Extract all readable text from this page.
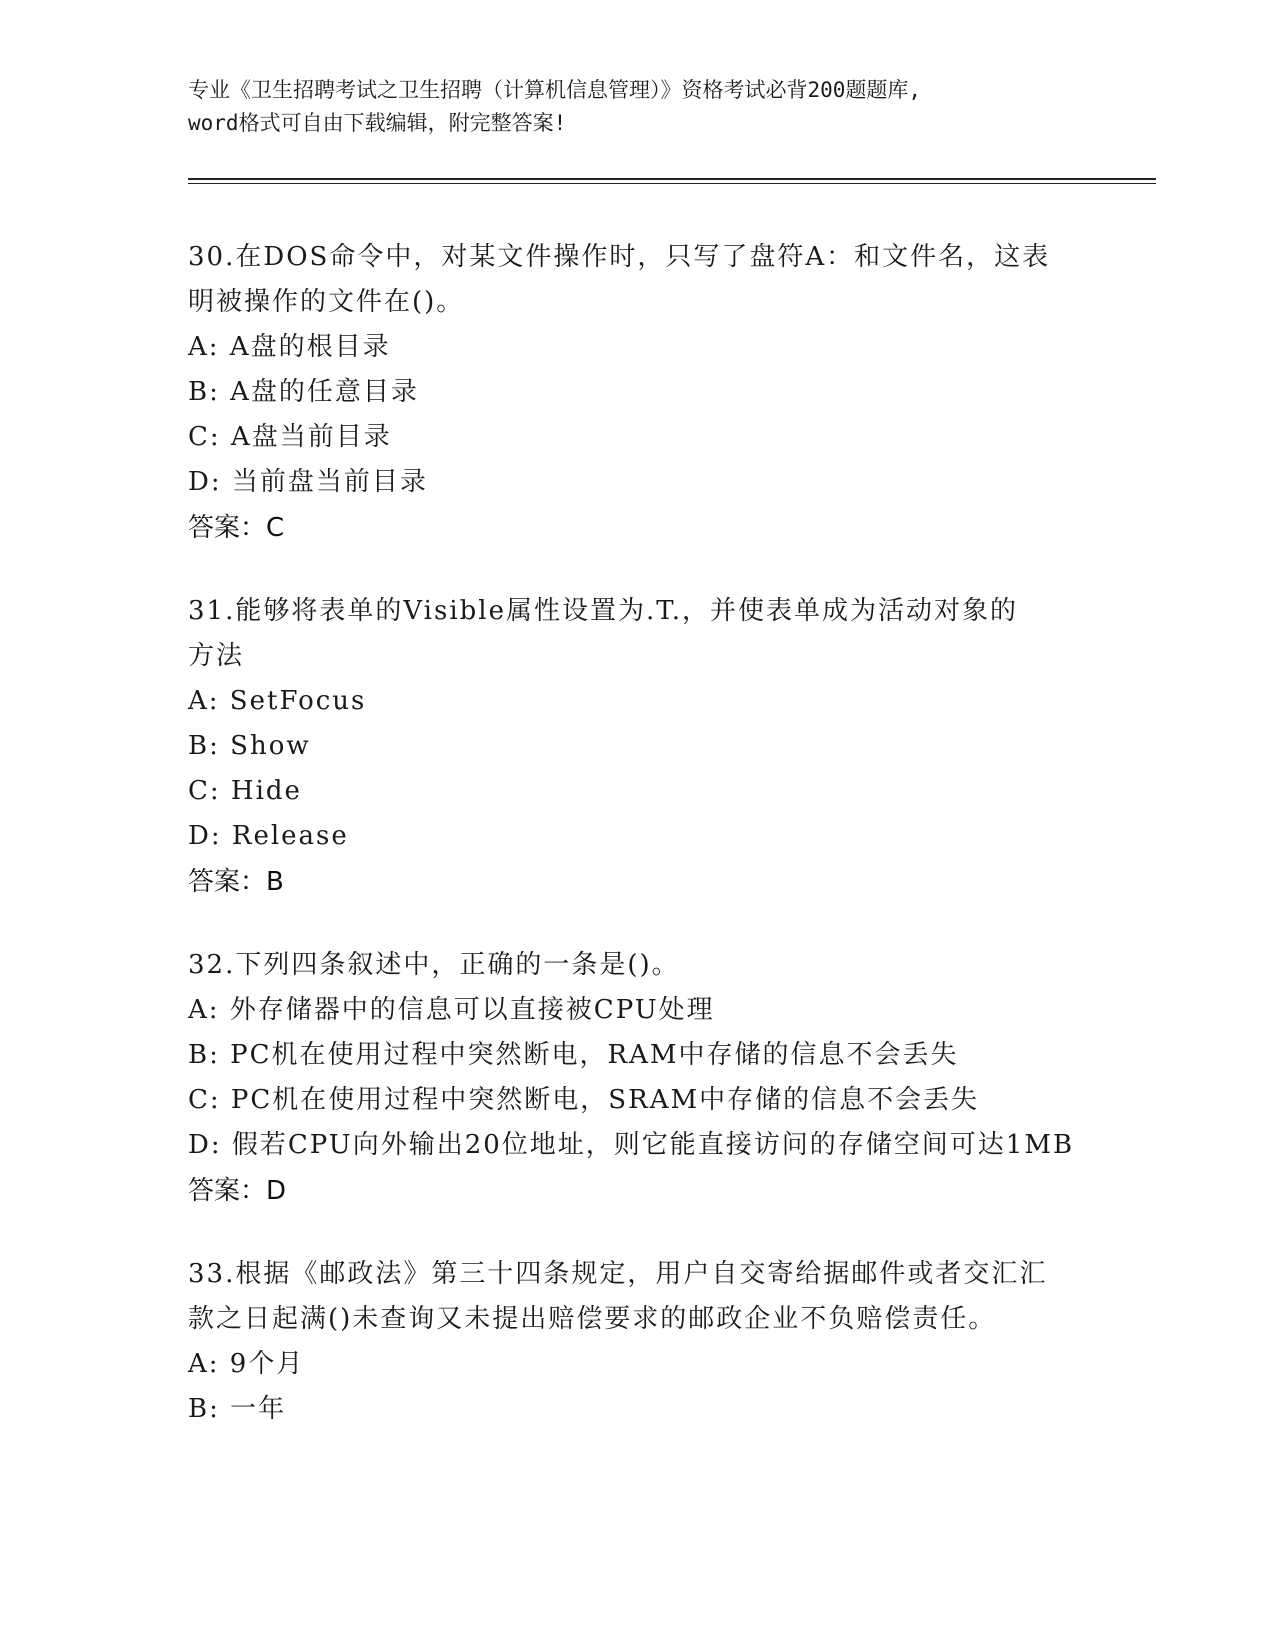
专业《卫生招聘考试之卫生招聘（计算机信息管理）》资格考试必背200题题库,
word格式可自由下载编辑，附完整答案!

30.在DOS命令中，对某文件操作时，只写了盘符A：和文件名，这表

明被操作的文件在()。

A: A盘的根目录

B: A盘的任意目录

C: A盘当前目录

D: 当前盘当前目录

答案：C

31.能够将表单的Visible属性设置为.T.，并使表单成为活动对象的

方法

A: SetFocus

B: Show

C: Hide

D: Release

答案：B

32.下列四条叙述中，正确的一条是()。

A: 外存储器中的信息可以直接被CPU处理

B: PC机在使用过程中突然断电，RAM中存储的信息不会丢失

C: PC机在使用过程中突然断电，SRAM中存储的信息不会丢失

D: 假若CPU向外输出20位地址，则它能直接访问的存储空间可达1MB

答案：D

33.根据《邮政法》第三十四条规定，用户自交寄给据邮件或者交汇汇

款之日起满()未查询又未提出赔偿要求的邮政企业不负赔偿责任。

A: 9个月

B: 一年
